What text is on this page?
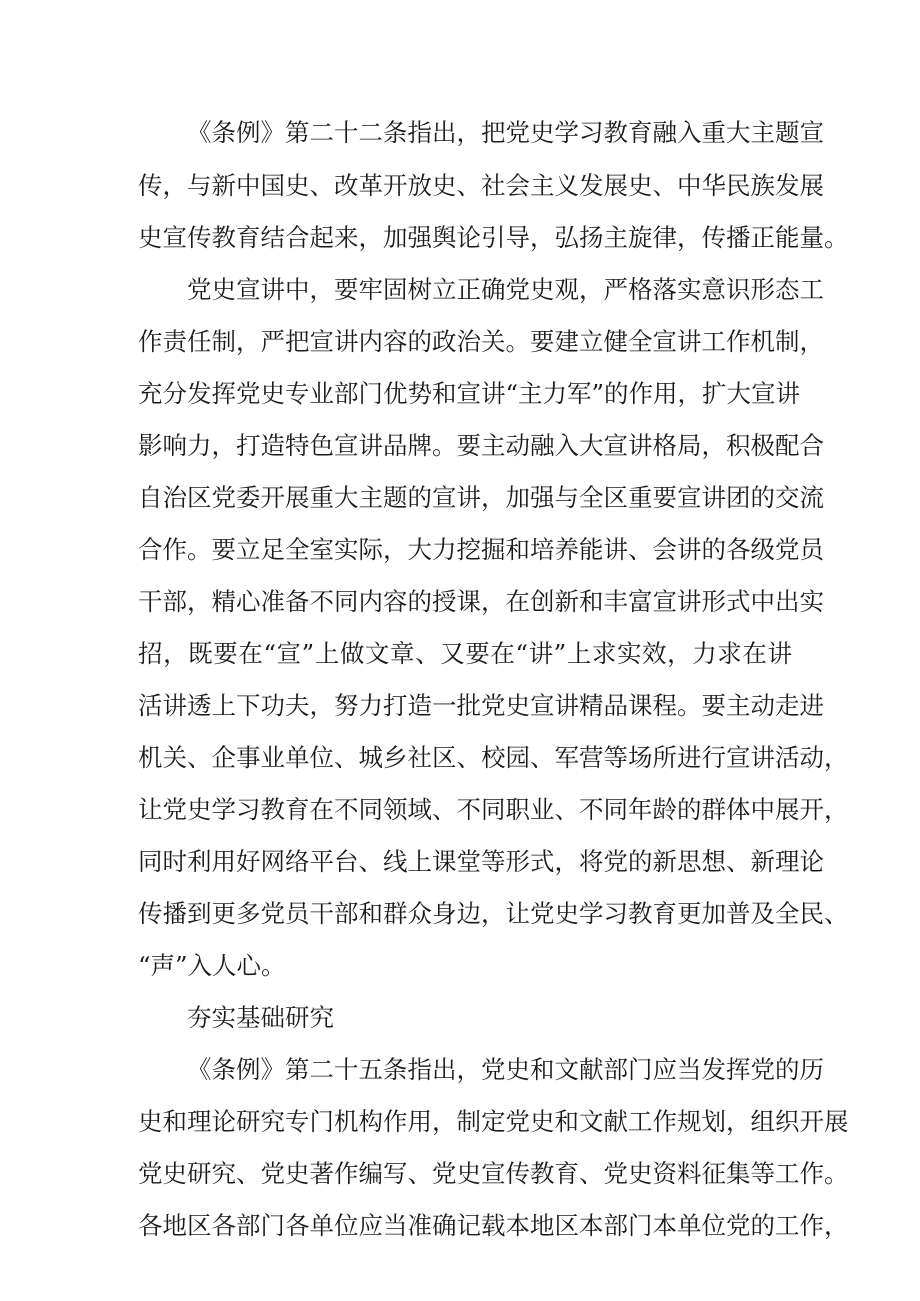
《条例》第二十二条指出，把党史学习教育融入重大主题宣
传，与新中国史、改革开放史、社会主义发展史、中华民族发展
史宣传教育结合起来，加强舆论引导，弘扬主旋律，传播正能量。
党史宣讲中，要牢固树立正确党史观，严格落实意识形态工
作责任制，严把宣讲内容的政治关。要建立健全宣讲工作机制，
充分发挥党史专业部门优势和宣讲“主力军”的作用，扩大宣讲
影响力，打造特色宣讲品牌。要主动融入大宣讲格局，积极配合
自治区党委开展重大主题的宣讲，加强与全区重要宣讲团的交流
合作。要立足全室实际，大力挖掘和培养能讲、会讲的各级党员
干部，精心准备不同内容的授课，在创新和丰富宣讲形式中出实
招，既要在“宣”上做文章、又要在“讲”上求实效，力求在讲
活讲透上下功夫，努力打造一批党史宣讲精品课程。要主动走进
机关、企事业单位、城乡社区、校园、军营等场所进行宣讲活动，
让党史学习教育在不同领域、不同职业、不同年龄的群体中展开，
同时利用好网络平台、线上课堂等形式，将党的新思想、新理论
传播到更多党员干部和群众身边，让党史学习教育更加普及全民、
“声”入人心。
夯实基础研究
《条例》第二十五条指出，党史和文献部门应当发挥党的历
史和理论研究专门机构作用，制定党史和文献工作规划，组织开展
党史研究、党史著作编写、党史宣传教育、党史资料征集等工作。
各地区各部门各单位应当准确记载本地区本部门本单位党的工作，
